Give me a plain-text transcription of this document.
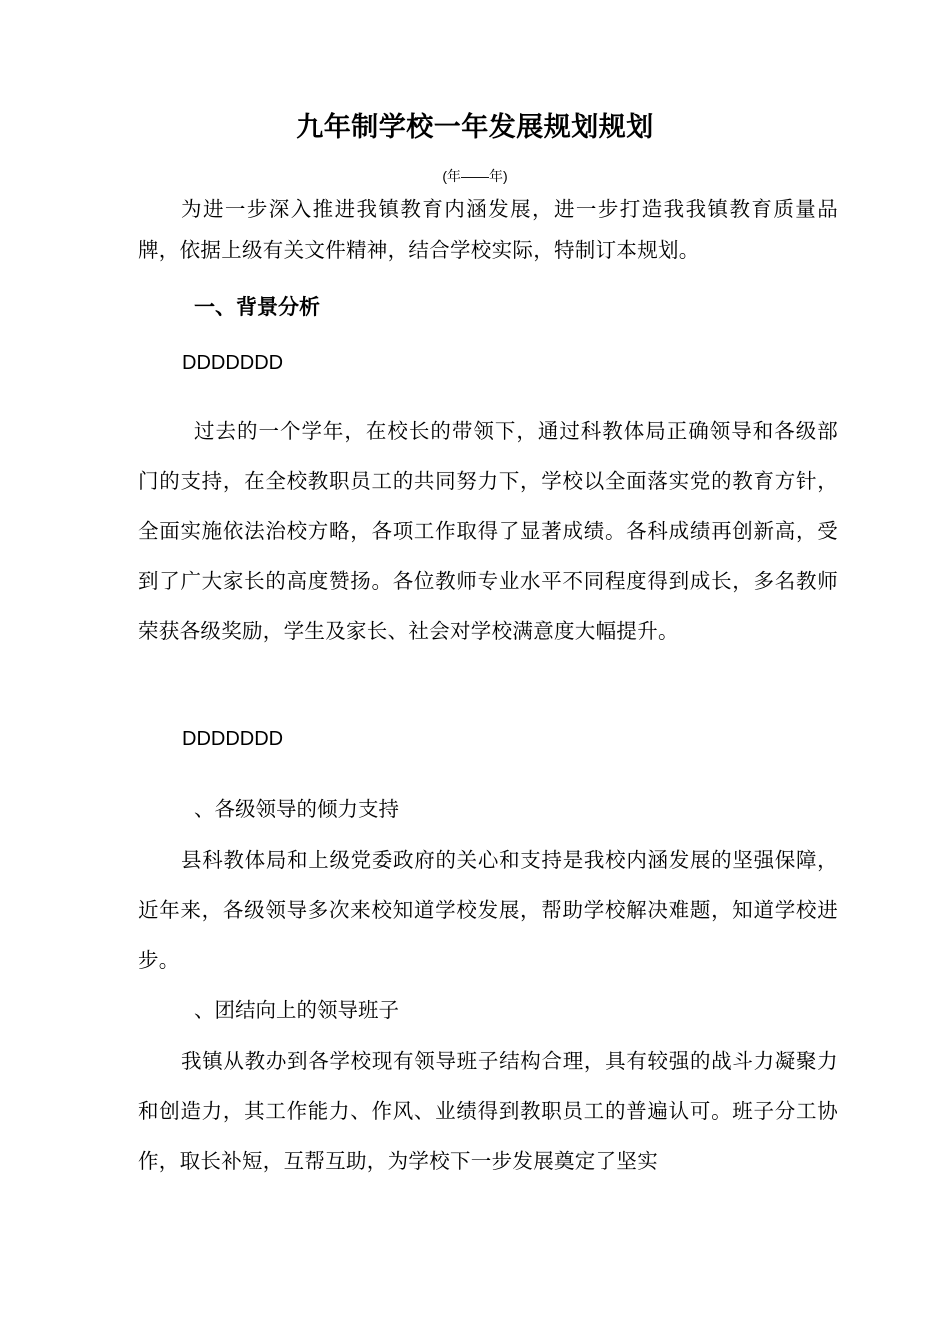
九年制学校一年发展规划规划
(年——年)

为进一步深入推进我镇教育内涵发展，进一步打造我我镇教育质量品牌，依据上级有关文件精神，结合学校实际，特制订本规划。

一、背景分析

DDDDDDD

过去的一个学年，在校长的带领下，通过科教体局正确领导和各级部门的支持，在全校教职员工的共同努力下，学校以全面落实党的教育方针，全面实施依法治校方略，各项工作取得了显著成绩。各科成绩再创新高，受到了广大家长的高度赞扬。各位教师专业水平不同程度得到成长，多名教师荣获各级奖励，学生及家长、社会对学校满意度大幅提升。

DDDDDDD
、各级领导的倾力支持

县科教体局和上级党委政府的关心和支持是我校内涵发展的坚强保障，近年来，各级领导多次来校知道学校发展，帮助学校解决难题，知道学校进步。

、团结向上的领导班子

我镇从教办到各学校现有领导班子结构合理，具有较强的战斗力凝聚力和创造力，其工作能力、作风、业绩得到教职员工的普遍认可。班子分工协作，取长补短，互帮互助，为学校下一步发展奠定了坚实
